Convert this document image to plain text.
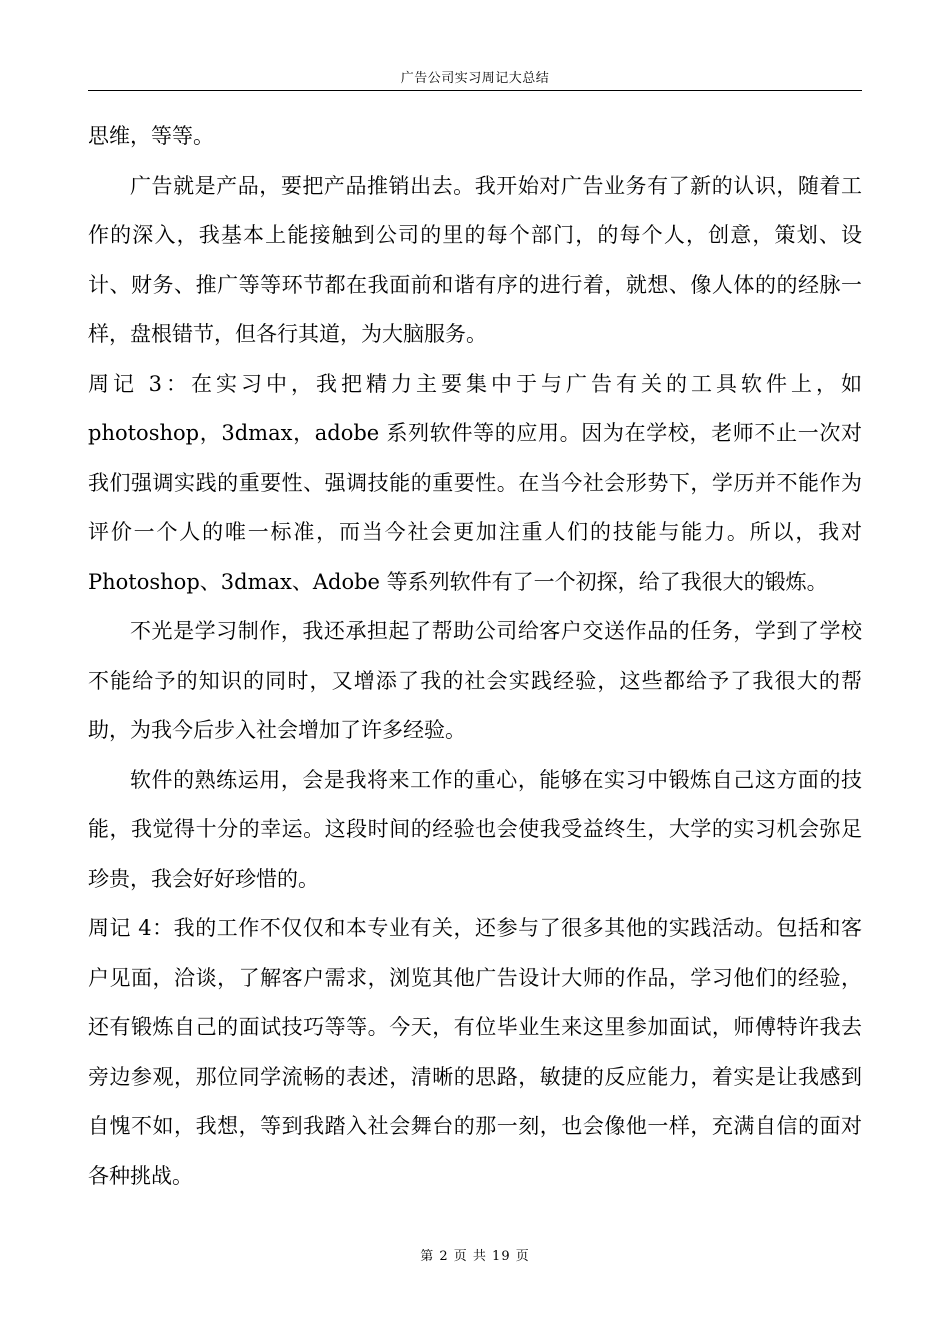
广告公司实习周记大总结

思维，等等。

广告就是产品，要把产品推销出去。我开始对广告业务有了新的认识，随着工作的深入，我基本上能接触到公司的里的每个部门，的每个人，创意，策划、设计、财务、推广等等环节都在我面前和谐有序的进行着，就想、像人体的的经脉一样，盘根错节，但各行其道，为大脑服务。

周记 3：在实习中，我把精力主要集中于与广告有关的工具软件上，如 photoshop，3dmax，adobe 系列软件等的应用。因为在学校，老师不止一次对我们强调实践的重要性、强调技能的重要性。在当今社会形势下，学历并不能作为评价一个人的唯一标准，而当今社会更加注重人们的技能与能力。所以，我对 Photoshop、3dmax、Adobe 等系列软件有了一个初探，给了我很大的锻炼。

不光是学习制作，我还承担起了帮助公司给客户交送作品的任务，学到了学校不能给予的知识的同时，又增添了我的社会实践经验，这些都给予了我很大的帮助，为我今后步入社会增加了许多经验。

软件的熟练运用，会是我将来工作的重心，能够在实习中锻炼自己这方面的技能，我觉得十分的幸运。这段时间的经验也会使我受益终生，大学的实习机会弥足珍贵，我会好好珍惜的。

周记 4：我的工作不仅仅和本专业有关，还参与了很多其他的实践活动。包括和客户见面，洽谈，了解客户需求，浏览其他广告设计大师的作品，学习他们的经验，还有锻炼自己的面试技巧等等。今天，有位毕业生来这里参加面试，师傅特许我去旁边参观，那位同学流畅的表述，清晰的思路，敏捷的反应能力，着实是让我感到自愧不如，我想，等到我踏入社会舞台的那一刻，也会像他一样，充满自信的面对各种挑战。

第 2 页 共 19 页
